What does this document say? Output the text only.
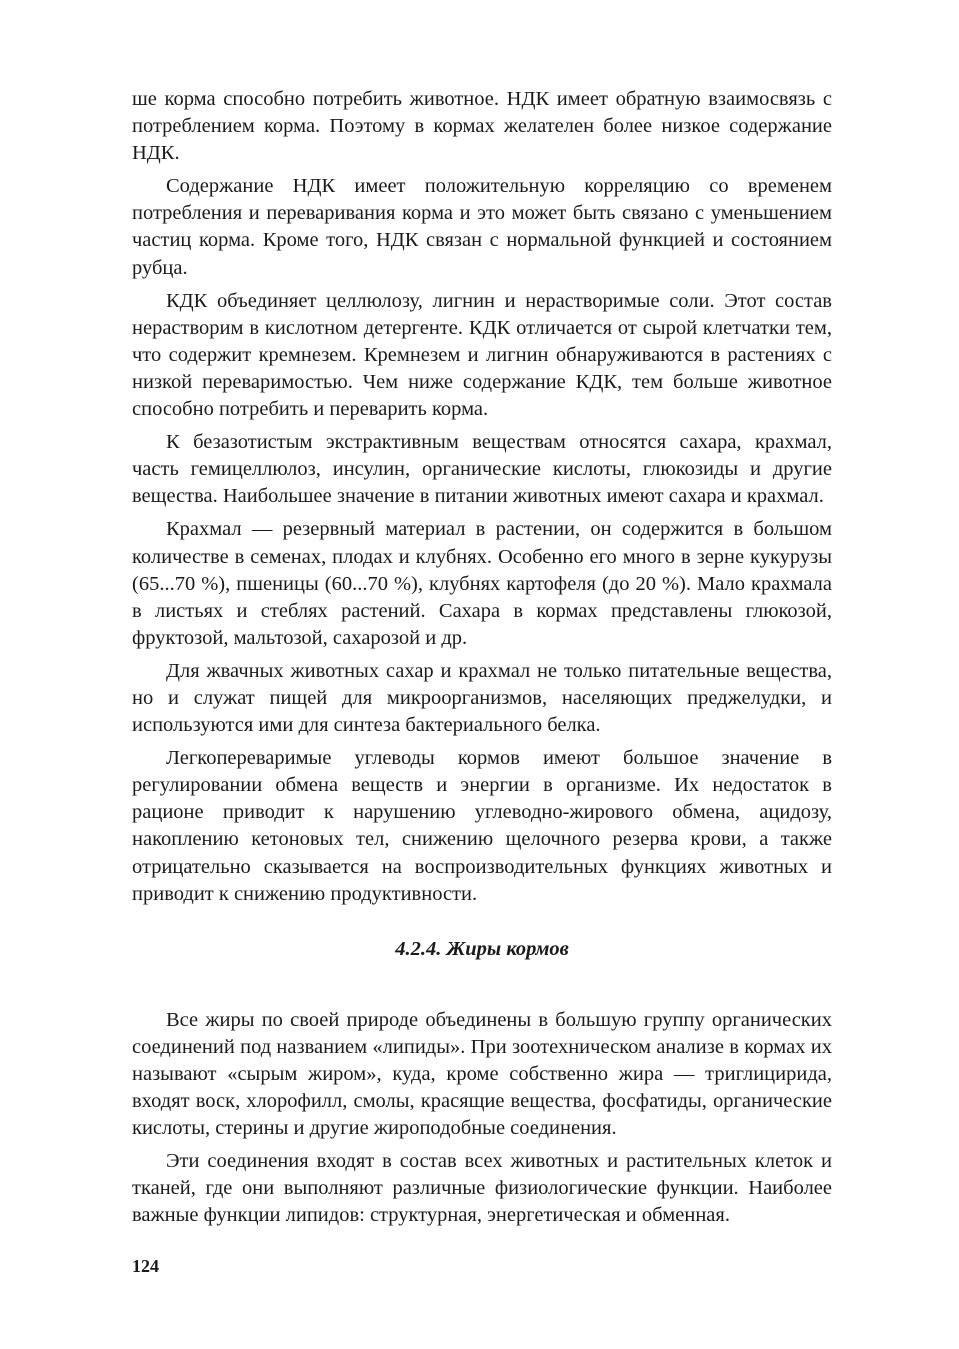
ше корма способно потребить животное. НДК имеет обратную взаимосвязь с потреблением корма. Поэтому в кормах желателен более низкое содержание НДК.

Содержание НДК имеет положительную корреляцию со временем потребления и переваривания корма и это может быть связано с уменьшением частиц корма. Кроме того, НДК связан с нормальной функцией и состоянием рубца.

КДК объединяет целлюлозу, лигнин и нерастворимые соли. Этот состав нерастворим в кислотном детергенте. КДК отличается от сырой клетчатки тем, что содержит кремнезем. Кремнезем и лигнин обнаруживаются в растениях с низкой переваримостью. Чем ниже содержание КДК, тем больше животное способно потребить и переварить корма.

К безазотистым экстрактивным веществам относятся сахара, крахмал, часть гемицеллюлоз, инсулин, органические кислоты, глюкозиды и другие вещества. Наибольшее значение в питании животных имеют сахара и крахмал.

Крахмал — резервный материал в растении, он содержится в большом количестве в семенах, плодах и клубнях. Особенно его много в зерне кукурузы (65...70 %), пшеницы (60...70 %), клубнях картофеля (до 20 %). Мало крахмала в листьях и стеблях растений. Сахара в кормах представлены глюкозой, фруктозой, мальтозой, сахарозой и др.

Для жвачных животных сахар и крахмал не только питательные вещества, но и служат пищей для микроорганизмов, населяющих преджелудки, и используются ими для синтеза бактериального белка.

Легкопереваримые углеводы кормов имеют большое значение в регулировании обмена веществ и энергии в организме. Их недостаток в рационе приводит к нарушению углеводно-жирового обмена, ацидозу, накоплению кетоновых тел, снижению щелочного резерва крови, а также отрицательно сказывается на воспроизводительных функциях животных и приводит к снижению продуктивности.

4.2.4. Жиры кормов

Все жиры по своей природе объединены в большую группу органических соединений под названием «липиды». При зоотехническом анализе в кормах их называют «сырым жиром», куда, кроме собственно жира — триглицирида, входят воск, хлорофилл, смолы, красящие вещества, фосфатиды, органические кислоты, стерины и другие жироподобные соединения.

Эти соединения входят в состав всех животных и растительных клеток и тканей, где они выполняют различные физиологические функции. Наиболее важные функции липидов: структурная, энергетическая и обменная.

124
